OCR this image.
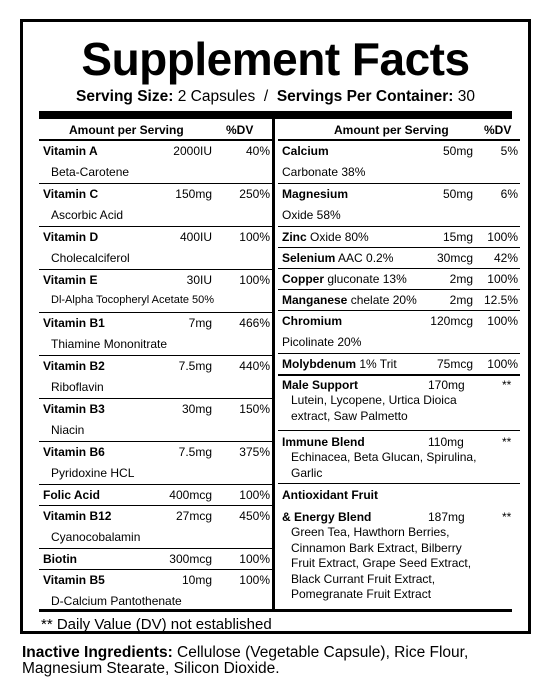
Supplement Facts
Serving Size: 2 Capsules / Servings Per Container: 30
Amount per Serving	%DV
Vitamin A	2000IU	40%
Beta-Carotene
Vitamin C	150mg 250%
Ascorbic Acid
Vitamin D	400IU 100%
Cholecalciferol
Vitamin E	30IU 100%
Dl-Alpha Tocopheryl Acetate 50%
Vitamin B1	7mg 466%
Thiamine Mononitrate
Vitamin B2	7.5mg 440%
Riboflavin
Vitamin B3	30mg 150%
Niacin
Vitamin B6	7.5mg 375%
Pyridoxine HCL
Folic Acid	400mcg 100%
Vitamin B12	27mcg 450%
Cyanocobalamin
Biotin	300mcg 100%
Vitamin B5	10mg 100%
D-Calcium Pantothenate
Amount per Serving	%DV
Calcium	50mg 5%
Carbonate 38%
Magnesium	50mg 6%
Oxide 58%
Zinc Oxide 80%	15mg 100%
Selenium AAC 0.2%	30mcg 42%
Copper gluconate 13%	2mg 100%
Manganese chelate 20%	2mg 12.5%
Chromium	120mcg 100%
Picolinate 20%
Molybdenum 1% Trit	75mcg 100%
Male Support	170mg	**
Lutein, Lycopene, Urtica Dioica
extract, Saw Palmetto
Immune Blend	110mg	**
Echinacea, Beta Glucan, Spirulina,
Garlic
Antioxidant Fruit
& Energy Blend	187mg	**
Green Tea, Hawthorn Berries,
Cinnamon Bark Extract, Bilberry
Fruit Extract, Grape Seed Extract,
Black Currant Fruit Extract,
Pomegranate Fruit Extract
** Daily Value (DV) not established
Inactive Ingredients: Cellulose (Vegetable Capsule), Rice Flour, Magnesium Stearate, Silicon Dioxide.
